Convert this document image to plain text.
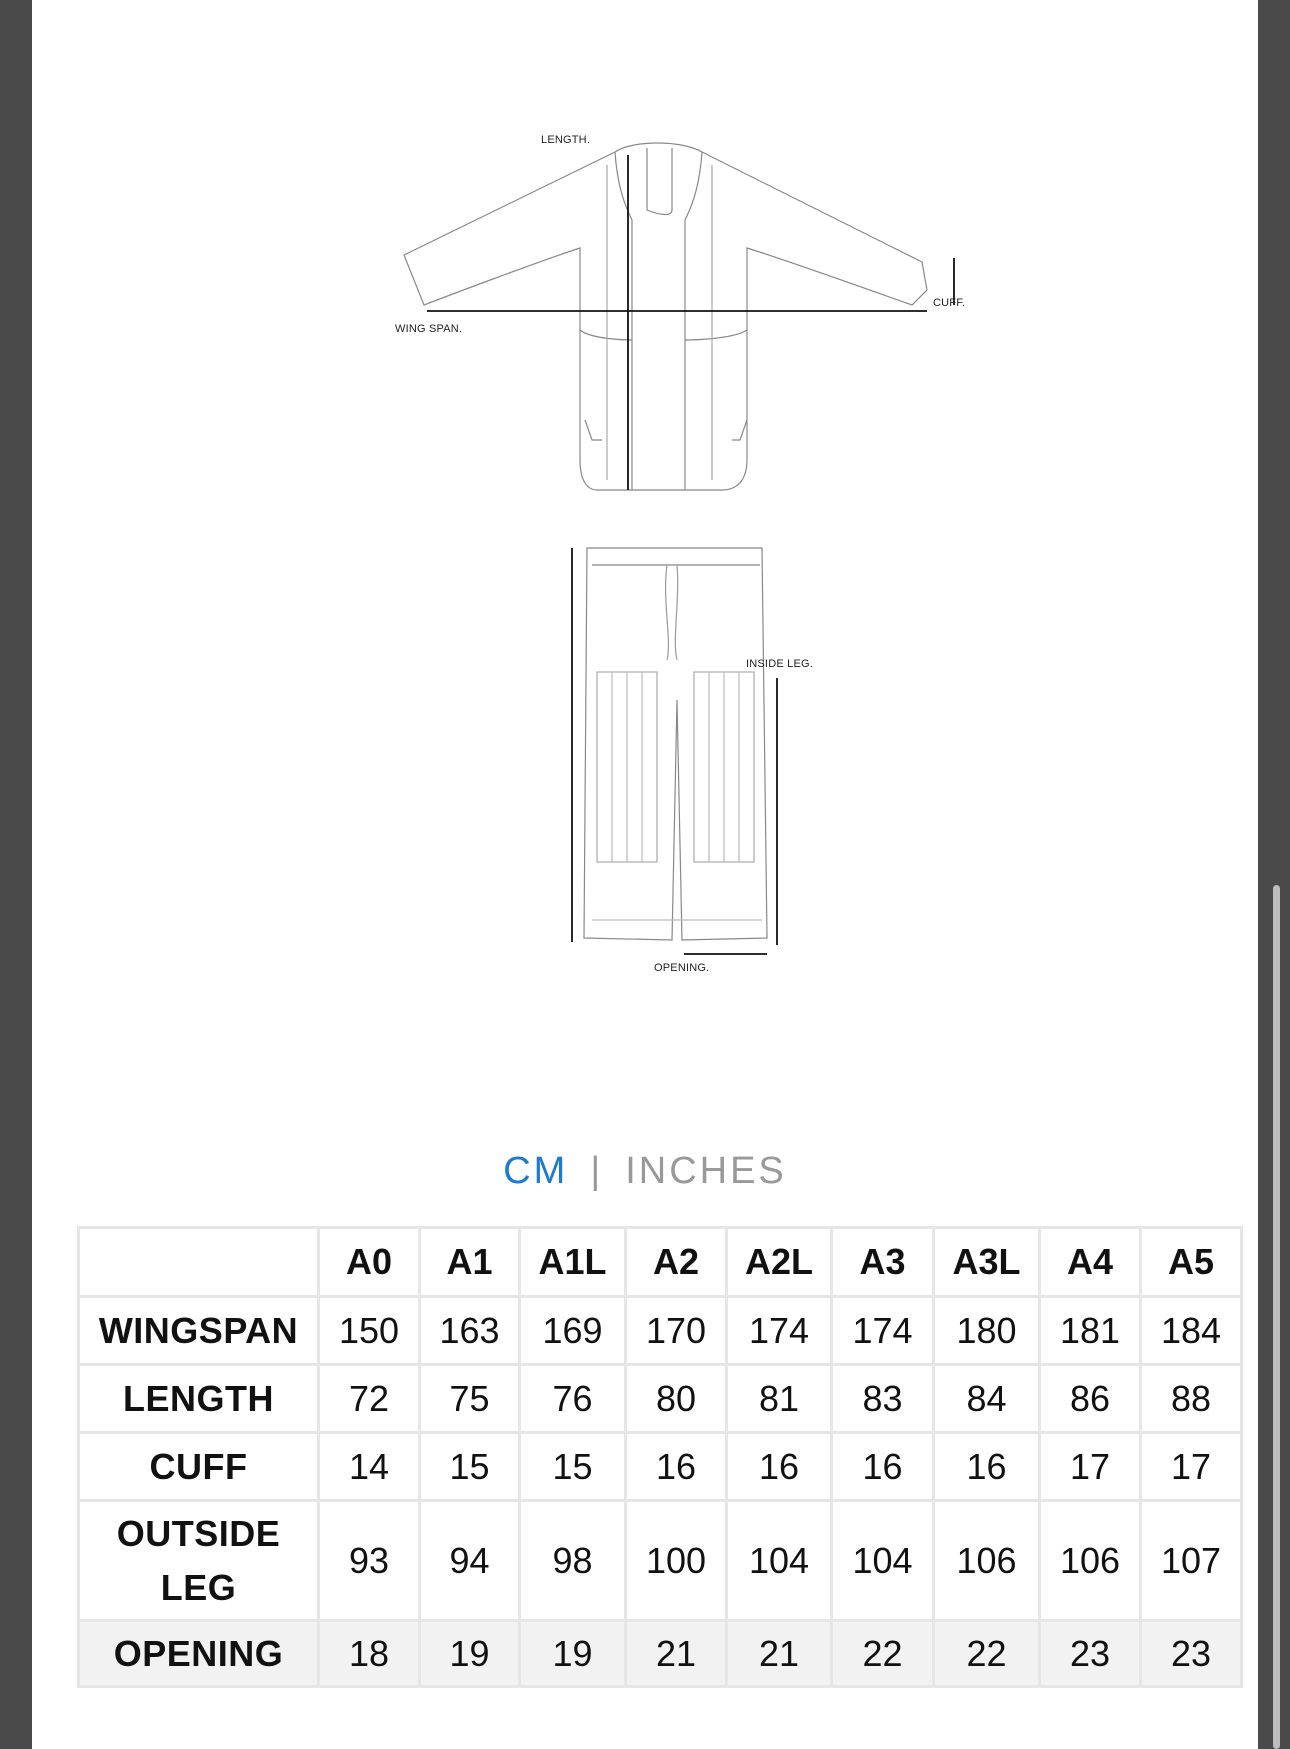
LENGTH.
WING SPAN.
CUFF.
INSIDE LEG.
OPENING.
CM | INCHES
	A0	A1	A1L	A2	A2L	A3	A3L	A4	A5
WINGSPAN	150	163	169	170	174	174	180	181	184
LENGTH	72	75	76	80	81	83	84	86	88
CUFF	14	15	15	16	16	16	16	17	17
OUTSIDE
LEG	93	94	98	100	104	104	106	106	107
OPENING	18	19	19	21	21	22	22	23	23
